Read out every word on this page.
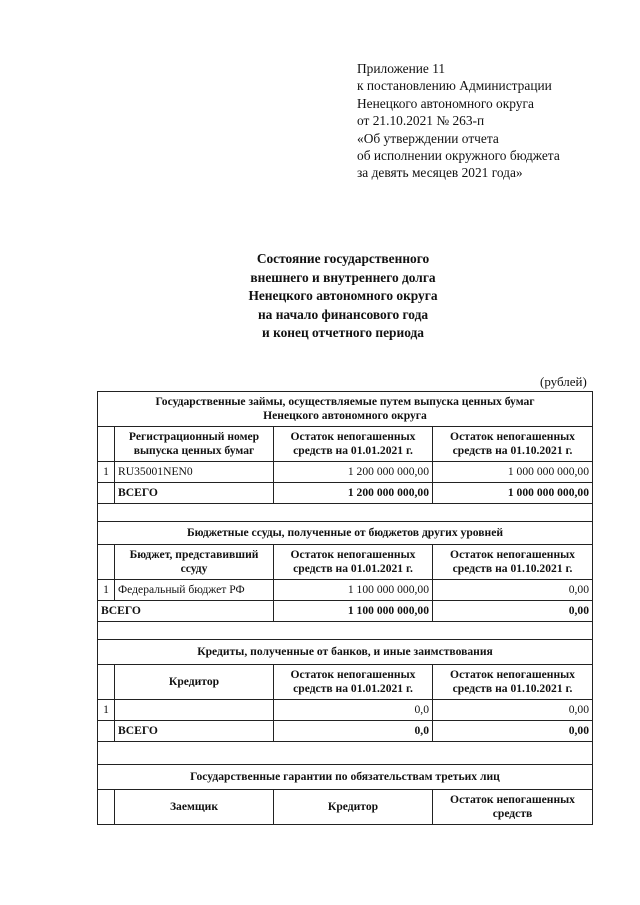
Приложение 11
к постановлению Администрации
Ненецкого автономного округа
от 21.10.2021 № 263-п
«Об утверждении отчета
об исполнении окружного бюджета
за девять месяцев 2021 года»
Состояние государственного
внешнего и внутреннего долга
Ненецкого автономного округа
на начало финансового года
и конец отчетного периода
(рублей)
Государственные займы, осуществляемые путем выпуска ценных бумаг
Ненецкого автономного округа			

	Регистрационный номер выпуска ценных бумаг	Остаток непогашенных средств на 01.01.2021 г.	Остаток непогашенных средств на 01.10.2021 г.
1	RU35001NEN0	1 200 000 000,00	1 000 000 000,00
	ВСЕГО	1 200 000 000,00	1 000 000 000,00

Бюджетные ссуды, полученные от бюджетов других уровней			
	Бюджет, представивший ссуду	Остаток непогашенных средств на 01.01.2021 г.	Остаток непогашенных средств на 01.10.2021 г.
1	Федеральный бюджет РФ	1 100 000 000,00	0,00
ВСЕГО		1 100 000 000,00	0,00

Кредиты, полученные от банков, и иные заимствования			
	Кредитор	Остаток непогашенных средств на 01.01.2021 г.	Остаток непогашенных средств на 01.10.2021 г.
1		0,0	0,00
	ВСЕГО	0,0	0,00

Государственные гарантии по обязательствам третьих лиц			
	Заемщик	Кредитор	Остаток непогашенных средств
